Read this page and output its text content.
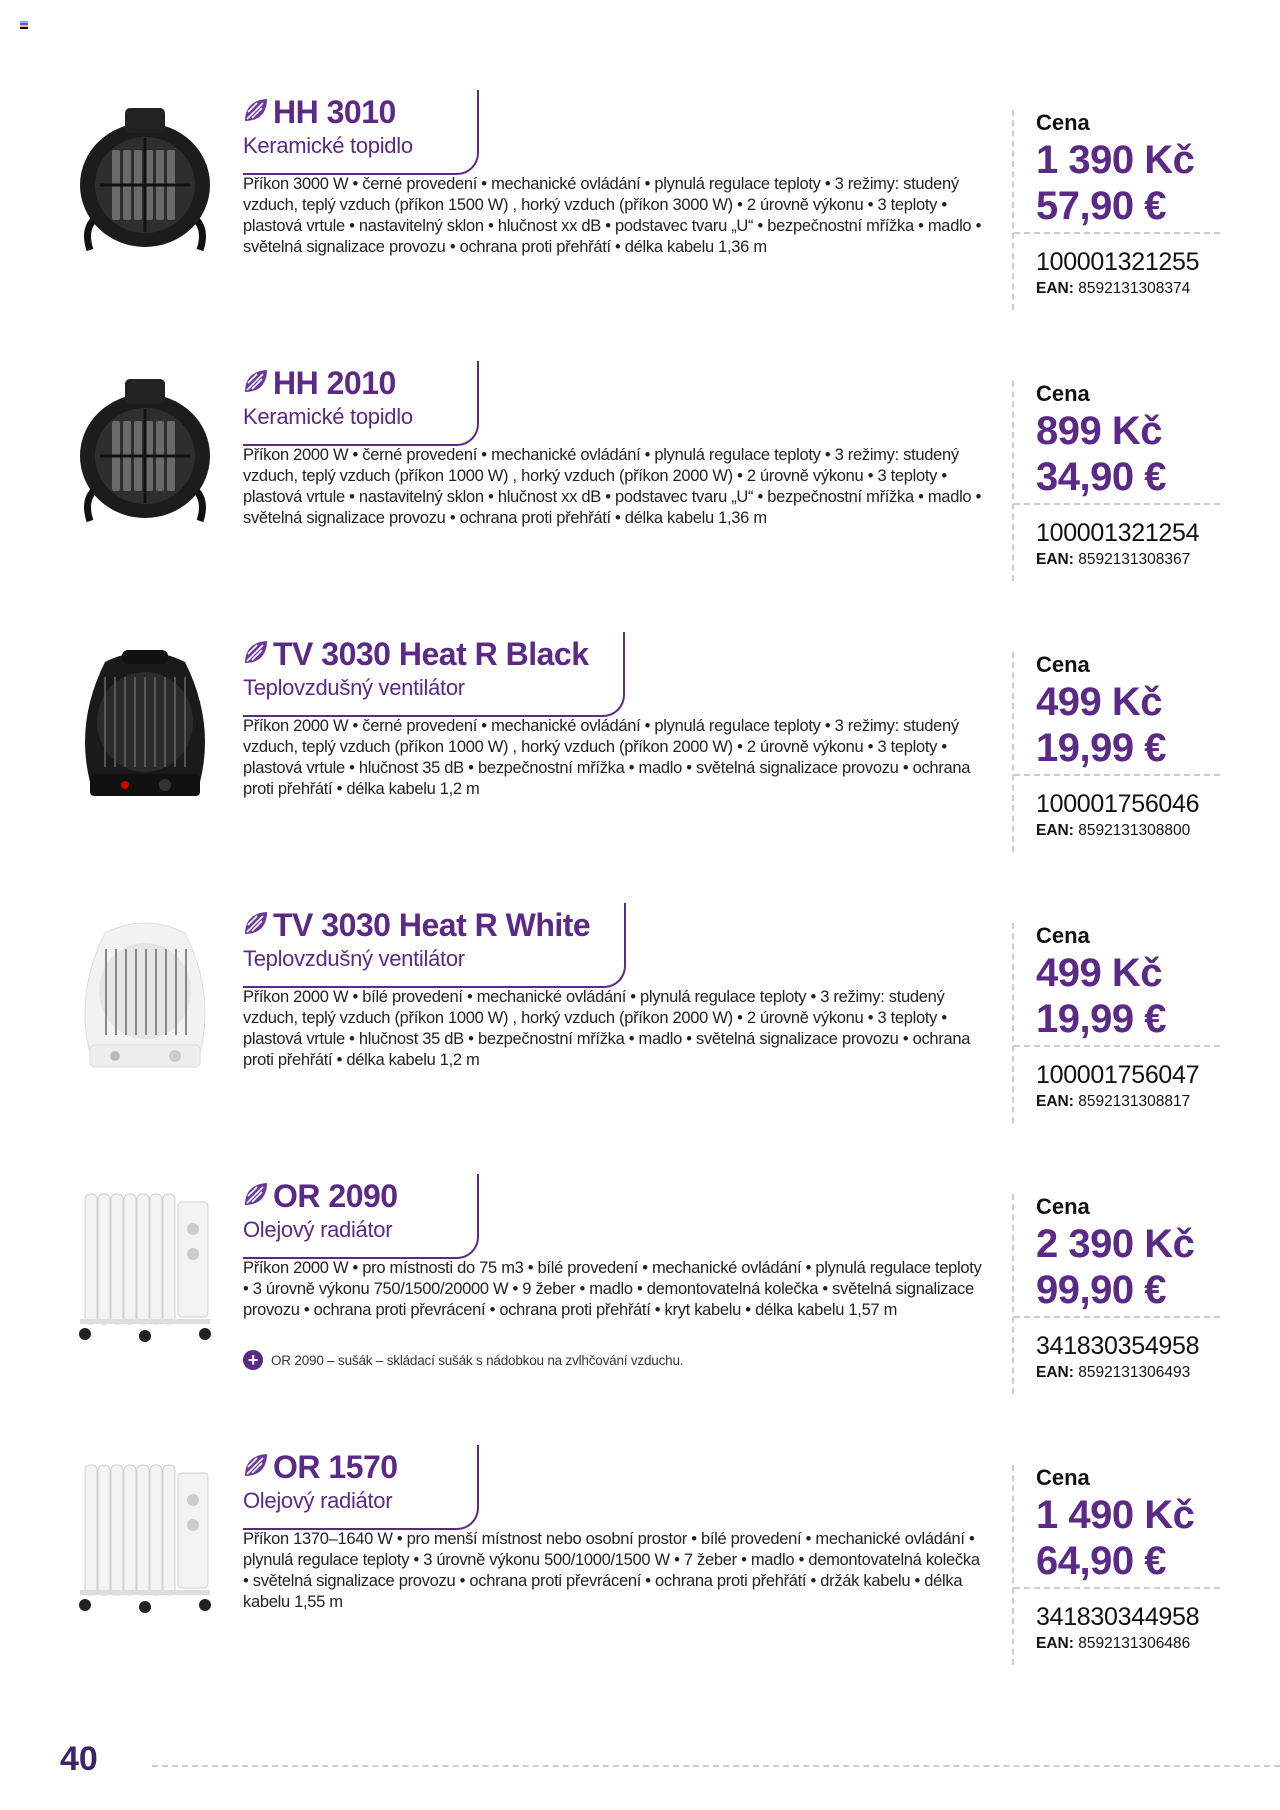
HH 3010
Keramické topidlo
Příkon 3000 W • černé provedení • mechanické ovládání • plynulá regulace teploty • 3 režimy: studený vzduch, teplý vzduch (příkon 1500 W) , horký vzduch (příkon 3000 W) • 2 úrovně výkonu • 3 teploty • plastová vrtule • nastavitelný sklon • hlučnost xx dB • podstavec tvaru „U“ • bezpečnostní mřížka • madlo • světelná signalizace provozu • ochrana proti přehřátí • délka kabelu 1,36 m
Cena
1 390 Kč
57,90 €
100001321255
EAN: 8592131308374
HH 2010
Keramické topidlo
Příkon 2000 W • černé provedení • mechanické ovládání • plynulá regulace teploty • 3 režimy: studený vzduch, teplý vzduch (příkon 1000 W) , horký vzduch (příkon 2000 W) • 2 úrovně výkonu • 3 teploty • plastová vrtule • nastavitelný sklon • hlučnost xx dB • podstavec tvaru „U“ • bezpečnostní mřížka • madlo • světelná signalizace provozu • ochrana proti přehřátí • délka kabelu 1,36 m
Cena
899 Kč
34,90 €
100001321254
EAN: 8592131308367
TV 3030 Heat R Black
Teplovzdušný ventilátor
Příkon 2000 W • černé provedení • mechanické ovládání • plynulá regulace teploty • 3 režimy: studený vzduch, teplý vzduch (příkon 1000 W) , horký vzduch (příkon 2000 W) • 2 úrovně výkonu • 3 teploty • plastová vrtule • hlučnost 35 dB • bezpečnostní mřížka • madlo • světelná signalizace provozu • ochrana proti přehřátí • délka kabelu 1,2 m
Cena
499 Kč
19,99 €
100001756046
EAN: 8592131308800
TV 3030 Heat R White
Teplovzdušný ventilátor
Příkon 2000 W • bílé provedení • mechanické ovládání • plynulá regulace teploty • 3 režimy: studený vzduch, teplý vzduch (příkon 1000 W) , horký vzduch (příkon 2000 W) • 2 úrovně výkonu • 3 teploty • plastová vrtule • hlučnost 35 dB • bezpečnostní mřížka • madlo • světelná signalizace provozu • ochrana proti přehřátí • délka kabelu 1,2 m
Cena
499 Kč
19,99 €
100001756047
EAN: 8592131308817
OR 2090
Olejový radiátor
Příkon 2000 W • pro místnosti do 75 m3 • bílé provedení • mechanické ovládání • plynulá regulace teploty • 3 úrovně výkonu 750/1500/20000 W • 9 žeber • madlo • demontovatelná kolečka • světelná signalizace provozu • ochrana proti převrácení • ochrana proti přehřátí • kryt kabelu • délka kabelu 1,57 m
+ OR 2090 – sušák – skládací sušák s nádobkou na zvlhčování vzduchu.
Cena
2 390 Kč
99,90 €
341830354958
EAN: 8592131306493
OR 1570
Olejový radiátor
Příkon 1370–1640 W • pro menší místnost nebo osobní prostor • bílé provedení • mechanické ovládání • plynulá regulace teploty • 3 úrovně výkonu 500/1000/1500 W • 7 žeber • madlo • demontovatelná kolečka • světelná signalizace provozu • ochrana proti převrácení • ochrana proti přehřátí • držák kabelu • délka kabelu 1,55 m
Cena
1 490 Kč
64,90 €
341830344958
EAN: 8592131306486
40
